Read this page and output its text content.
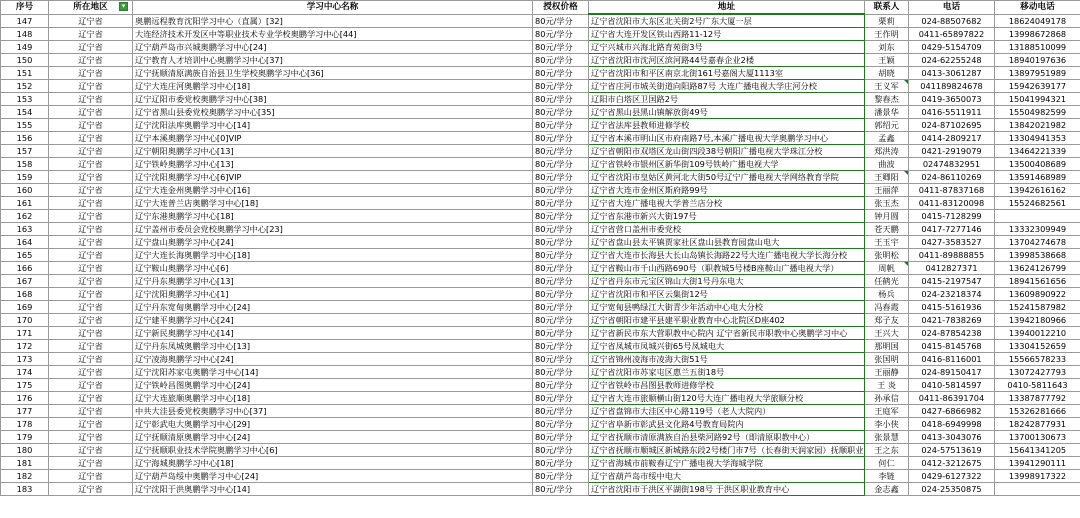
序号	所在地区 ▾	学习中心名称	授权价格	地址	联系人	电话	移动电话
147	辽宁省	奥鹏远程教育沈阳学习中心（直属）[32]	80元/学分	辽宁省沈阳市大东区北关街2号广东大厦一层	栗莉	024-88507682	18624049178
148	辽宁省	大连经济技术开发区中等职业技术专业学校奥鹏学习中心[44]	80元/学分	辽宁省大连开发区铁山西路11-12号	王作明	0411-65897822	13998672868
149	辽宁省	辽宁葫芦岛市兴城奥鹏学习中心[24]	80元/学分	辽宁兴城市兴海北路育苑街3号	刘东	0429-5154709	13188510099
150	辽宁省	辽宁教育人才培训中心奥鹏学习中心[37]	80元/学分	辽宁省沈阳市沈河区滨河路44号嘉春企业2楼	王颖	024-62255248	18940197636
151	辽宁省	辽宁抚顺清原满族自治县卫生学校奥鹏学习中心[36]	80元/学分	辽宁省沈阳市和平区南京北街161号嘉阁大厦1113室	胡晓	0413-3061287	13897951989
152	辽宁省	辽宁大连庄河奥鹏学习中心[18]	80元/学分	辽宁省庄河市城关街道向阳路87号 大连广播电视大学庄河分校	王义军	041189824678	15942639177
153	辽宁省	辽宁辽阳市委党校奥鹏学习中心[38]	80元/学分	辽阳市白塔区卫国路2号	黎春杰	0419-3650073	15041994321
154	辽宁省	辽宁省黑山县委党校奥鹏学习中心[35]	80元/学分	辽宁省黑山县黑山镇解放街49号	潘景华	0416-5511911	15504982599
155	辽宁省	辽宁沈阳法库奥鹏学习中心[14]	80元/学分	辽宁省法库县教师进修学校	郭绍元	024-87102695	13842021982
156	辽宁省	辽宁本溪奥鹏学习中心[0]VIP	80元/学分	辽宁省本溪市明山区市府南路7号,本溪广播电视大学奥鹏学习中心	孟鑫	0414-2809217	13304941353
157	辽宁省	辽宁朝阳奥鹏学习中心[13]	80元/学分	辽宁省朝阳市双塔区龙山街四段38号朝阳广播电视大学珠江分校	郑洪涛	0421-2919079	13464221339
158	辽宁省	辽宁铁岭奥鹏学习中心[13]	80元/学分	辽宁省铁岭市银州区新华街109号铁岭广播电视大学	曲波	02474832951	13500408689
159	辽宁省	辽宁沈阳奥鹏学习中心[6]VIP	80元/学分	辽宁省沈阳市皇姑区黄河北大街50号辽宁广播电视大学网络教育学院	王卿阳	024-86110269	13591468989
160	辽宁省	辽宁大连金州奥鹏学习中心[16]	80元/学分	辽宁省大连市金州区斯府路99号	王丽萍	0411-87837168	13942616162
161	辽宁省	辽宁大连普兰店奥鹏学习中心[18]	80元/学分	辽宁省大连广播电视大学普兰店分校	张玉杰	0411-83120098	15524682561
162	辽宁省	辽宁东港奥鹏学习中心[18]	80元/学分	辽宁省东港市新兴大街197号	钟月圆	0415-7128299	
163	辽宁省	辽宁盖州市委员会党校奥鹏学习中心[23]	80元/学分	辽宁省营口盖州市委党校	苍天鹏	0417-7277146	13332309949
164	辽宁省	辽宁盘山奥鹏学习中心[24]	80元/学分	辽宁省盘山县太平镇贾家社区盘山县教育园盘山电大	王玉宇	0427-3583527	13704274678
165	辽宁省	辽宁大连长海奥鹏学习中心[18]	80元/学分	辽宁省大连市长海县大长山岛镇长海路22号大连广播电视大学长海分校	张明松	0411-89888855	13998538668
166	辽宁省	辽宁鞍山奥鹏学习中心[6]	80元/学分	辽宁省鞍山市千山西路690号（职教城5号楼B座鞍山广播电视大学）	周帆	0412827371	13624126799
167	辽宁省	辽宁丹东奥鹏学习中心[13]	80元/学分	辽宁省丹东市元宝区锦山大街1号丹东电大	任鹤光	0415-2197547	18941561656
168	辽宁省	辽宁沈阳奥鹏学习中心[1]	80元/学分	辽宁省沈阳市和平区云集街12号	杨兵	024-23218374	13609890922
169	辽宁省	辽宁丹东宽甸奥鹏学习中心[24]	80元/学分	辽宁宽甸县鸭绿江大街青少年活动中心电大分校	冯春霞	0415-5161936	15241587982
170	辽宁省	辽宁建平奥鹏学习中心[24]	80元/学分	辽宁省朝阳市建平县建平职业教育中心北院区D座402	郑子友	0421-7838269	13942180966
171	辽宁省	辽宁新民奥鹏学习中心[14]	80元/学分	辽宁省新民市东大营职教中心院内 辽宁省新民市职教中心奥鹏学习中心	王兴大	024-87854238	13940012210
172	辽宁省	辽宁丹东凤城奥鹏学习中心[13]	80元/学分	辽宁省凤城市凤城兴街65号凤城电大	那明国	0415-8145768	13304152659
173	辽宁省	辽宁凌海奥鹏学习中心[24]	80元/学分	辽宁省锦州凌海市凌海大街51号	张国明	0416-8116001	15566578233
174	辽宁省	辽宁沈阳苏家屯奥鹏学习中心[14]	80元/学分	辽宁省沈阳市苏家屯区惠兰五街18号	王丽静	024-89150417	13072427793
175	辽宁省	辽宁铁岭昌图奥鹏学习中心[24]	80元/学分	辽宁省铁岭市昌图县教师进修学校	王 炎	0410-5814597	0410-5811643
176	辽宁省	辽宁大连旅顺奥鹏学习中心[18]	80元/学分	辽宁省大连市旅顺横山街120号大连广播电视大学旅顺分校	孙承信	0411-86391704	13387877792
177	辽宁省	中共大洼县委党校奥鹏学习中心[37]	80元/学分	辽宁省盘锦市大洼区中心路119号（老人大院内）	王庭军	0427-6866982	15326281666
178	辽宁省	辽宁彰武电大奥鹏学习中心[29]	80元/学分	辽宁省阜新市彰武县文化路4号教育局院内	李小侠	0418-6949998	18242877931
179	辽宁省	辽宁抚顺清原奥鹏学习中心[24]	80元/学分	辽宁省抚顺市清原满族自治县柴河路92号（即清原职教中心）	张景慧	0413-3043076	13700130673
180	辽宁省	辽宁抚顺职业技术学院奥鹏学习中心[6]	80元/学分	辽宁省抚顺市顺城区新城路东段2号楼门市7号（长春街天润家园）抚顺职业	王之东	024-57513619	15641341205
181	辽宁省	辽宁海城奥鹏学习中心[18]	80元/学分	辽宁省海城市前鞍春辽宁广播电视大学海城学院	何仁	0412-3212675	13941290111
182	辽宁省	辽宁葫芦岛绥中奥鹏学习中心[24]	80元/学分	辽宁省葫芦岛市绥中电大	李链	0429-6127322	13998917322
183	辽宁省	辽宁沈阳于洪奥鹏学习中心[14]	80元/学分	辽宁省沈阳市于洪区平湖街198号 于洪区职业教育中心	金志鑫	024-25350875	
